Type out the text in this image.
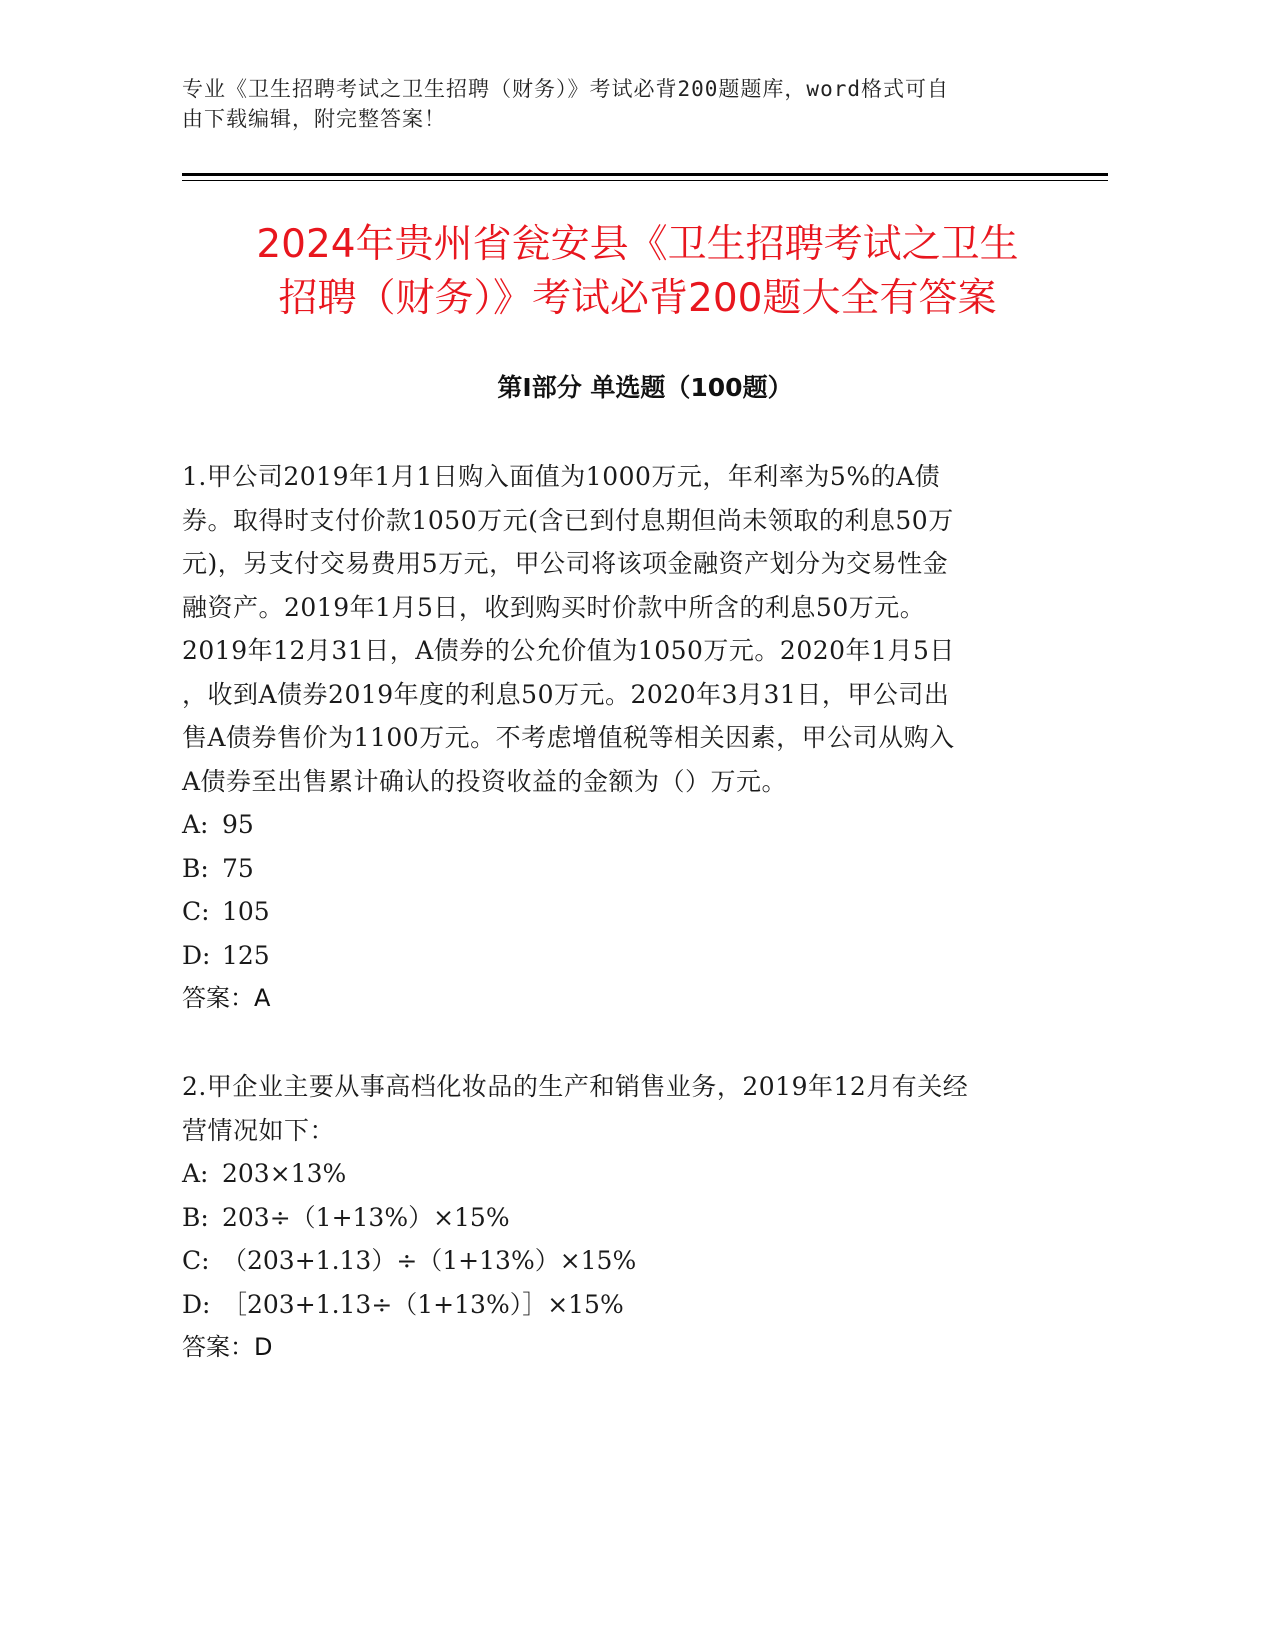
专业《卫生招聘考试之卫生招聘（财务）》考试必背200题题库，word格式可自
由下载编辑，附完整答案！
2024年贵州省瓮安县《卫生招聘考试之卫生
招聘（财务）》考试必背200题大全有答案
第Ⅰ部分 单选题（100题）

1.甲公司2019年1月1日购入面值为1000万元，年利率为5%的A债
券。取得时支付价款1050万元(含已到付息期但尚未领取的利息50万
元)，另支付交易费用5万元，甲公司将该项金融资产划分为交易性金
融资产。2019年1月5日，收到购买时价款中所含的利息50万元。
2019年12月31日，A债券的公允价值为1050万元。2020年1月5日
，收到A债券2019年度的利息50万元。2020年3月31日，甲公司出
售A债券售价为1100万元。不考虑增值税等相关因素，甲公司从购入
A债券至出售累计确认的投资收益的金额为（）万元。

A: 95

B: 75

C: 105

D: 125

答案：A

2.甲企业主要从事高档化妆品的生产和销售业务，2019年12月有关经
营情况如下：

A: 203×13%

B: 203÷（1+13%）×15%

C: （203+1.13）÷（1+13%）×15%

D: ［203+1.13÷（1+13%）］×15%

答案：D
